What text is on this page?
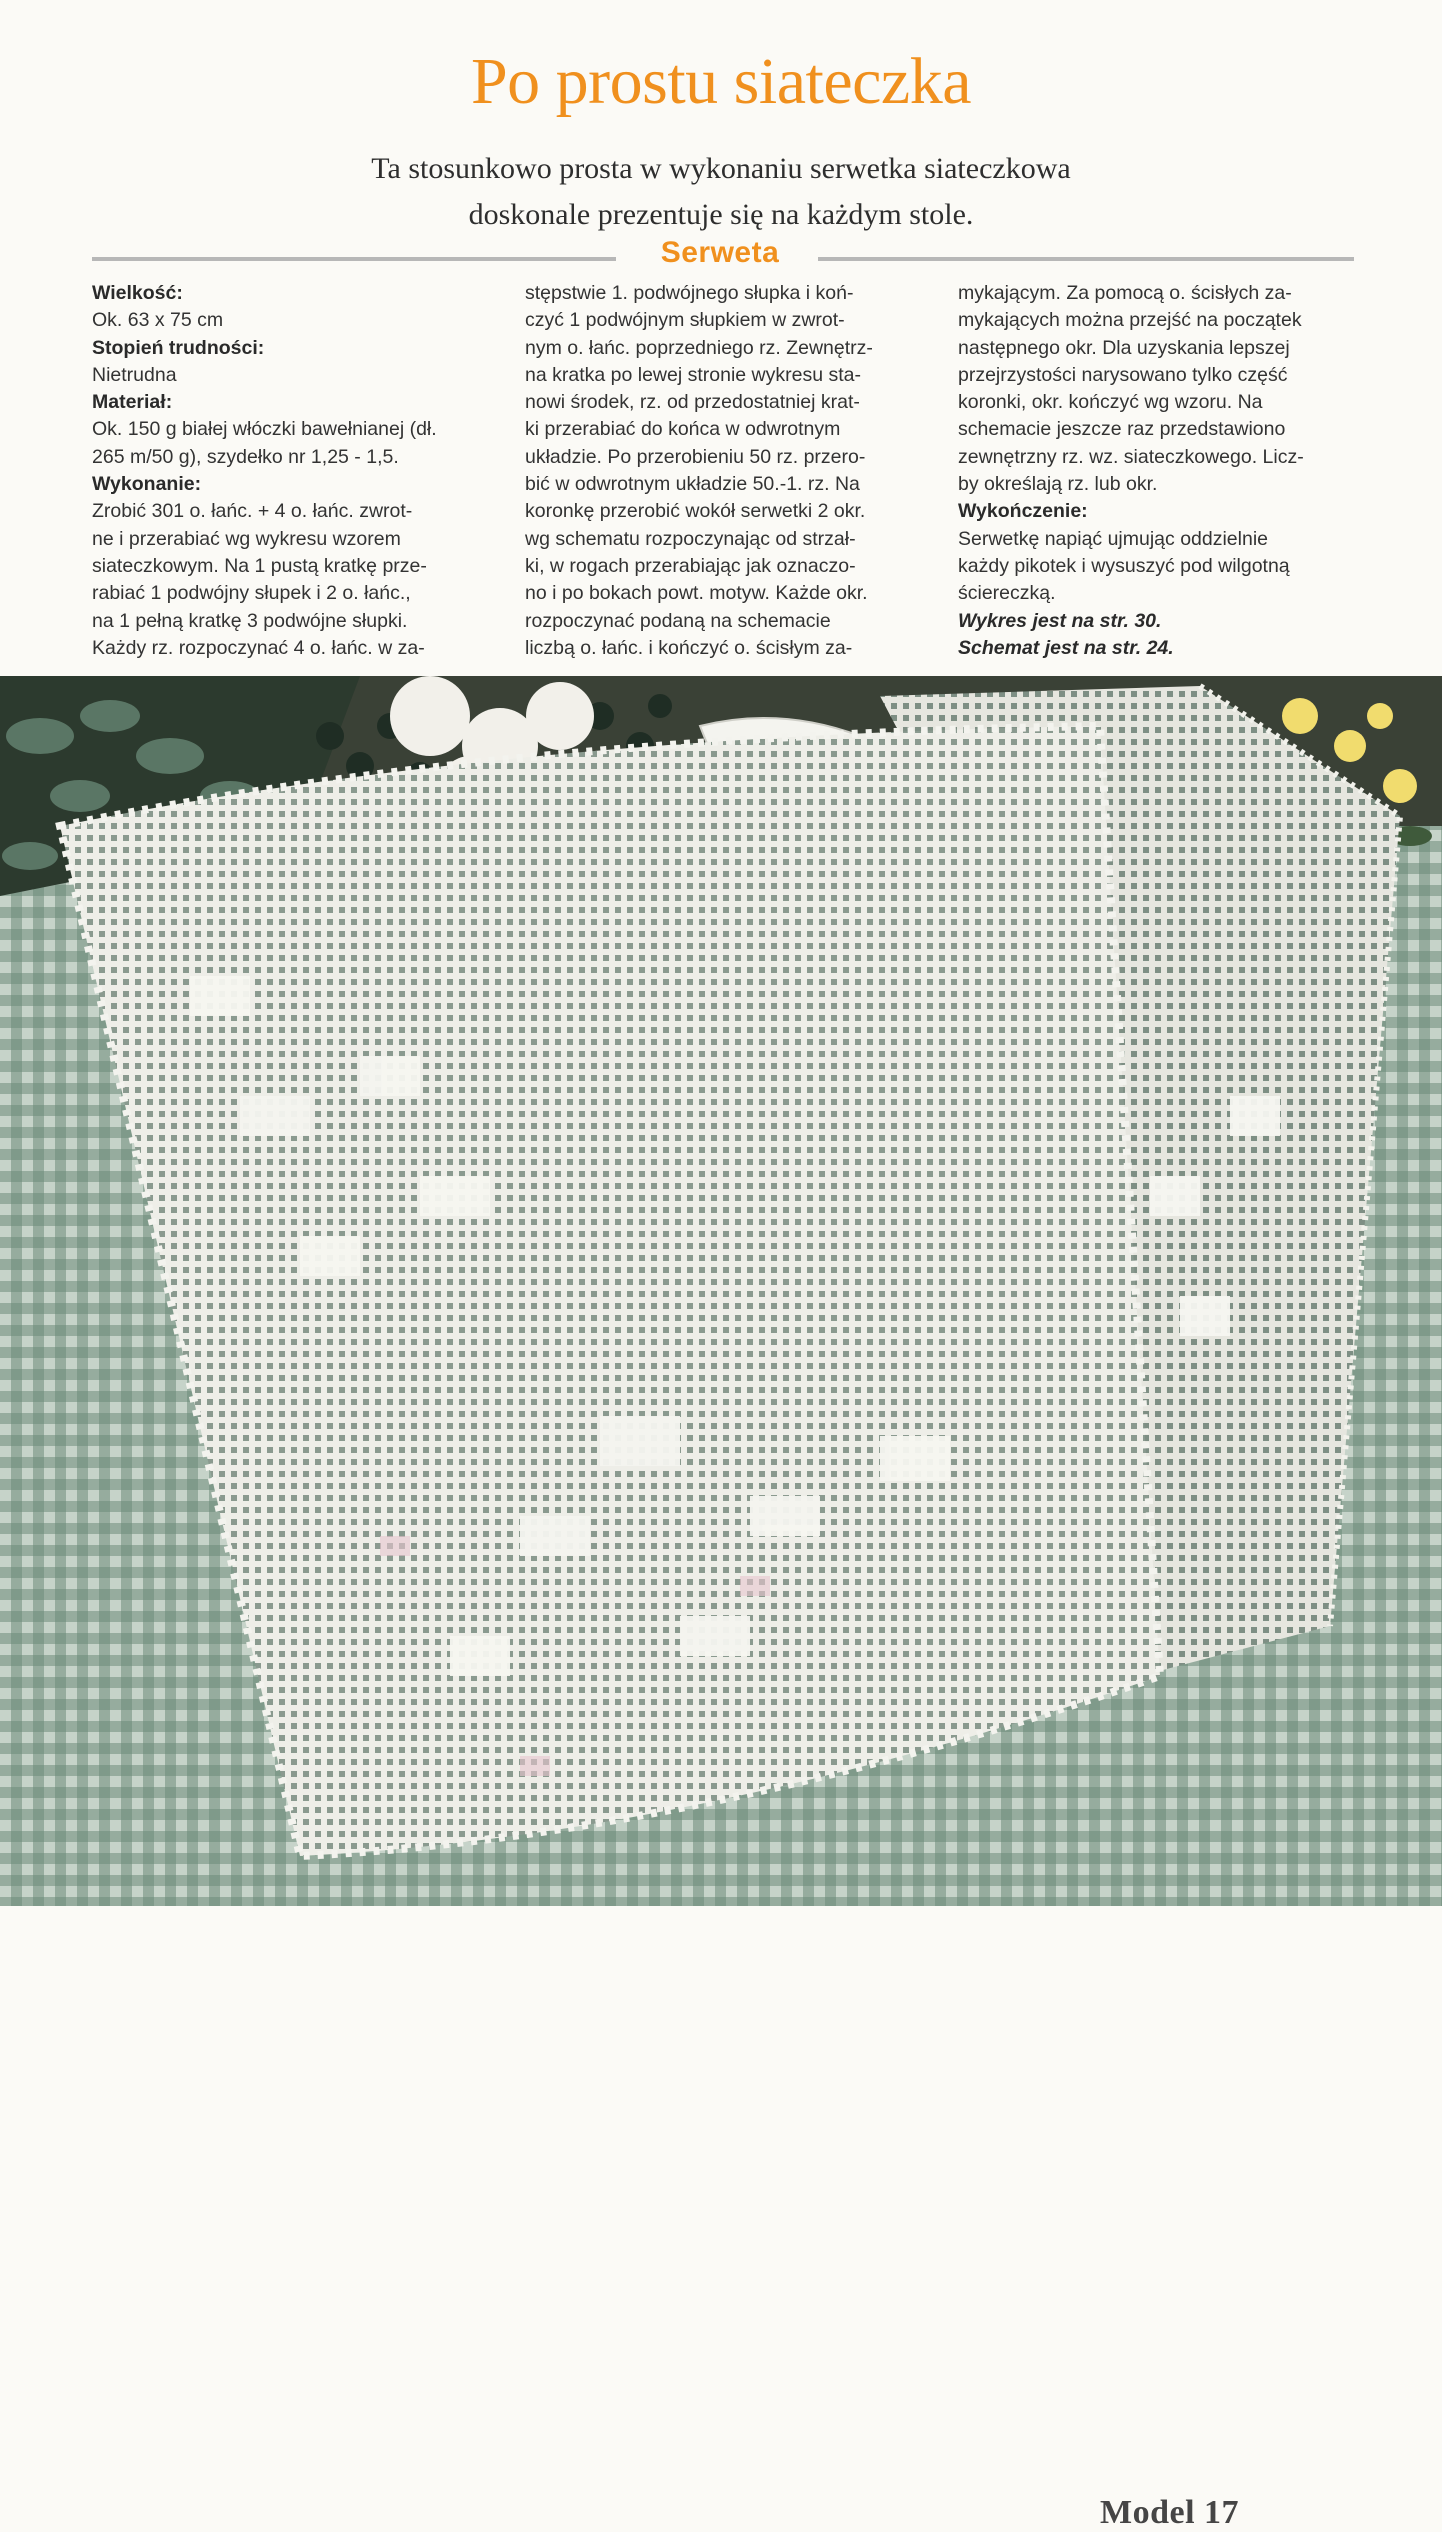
Po prostu siateczka
Ta stosunkowo prosta w wykonaniu serwetka siateczkowa
doskonale prezentuje się na każdym stole.
Serweta

Wielkość:

Ok. 63 x 75 cm

Stopień trudności:

Nietrudna

Materiał:

Ok. 150 g białej włóczki bawełnianej (dł.

265 m/50 g), szydełko nr 1,25 - 1,5.

Wykonanie:

Zrobić 301 o. łańc. + 4 o. łańc. zwrot-

ne i przerabiać wg wykresu wzorem

siateczkowym. Na 1 pustą kratkę prze-

rabiać 1 podwójny słupek i 2 o. łańc.,

na 1 pełną kratkę 3 podwójne słupki.

Każdy rz. rozpoczynać 4 o. łańc. w za-

stępstwie 1. podwójnego słupka i koń-

czyć 1 podwójnym słupkiem w zwrot-

nym o. łańc. poprzedniego rz. Zewnętrz-

na kratka po lewej stronie wykresu sta-

nowi środek, rz. od przedostatniej krat-

ki przerabiać do końca w odwrotnym

układzie. Po przerobieniu 50 rz. przero-

bić w odwrotnym układzie 50.-1. rz. Na

koronkę przerobić wokół serwetki 2 okr.

wg schematu rozpoczynając od strzał-

ki, w rogach przerabiając jak oznaczo-

no i po bokach powt. motyw. Każde okr.

rozpoczynać podaną na schemacie

liczbą o. łańc. i kończyć o. ścisłym za-

mykającym. Za pomocą o. ścisłych za-

mykających można przejść na początek

następnego okr. Dla uzyskania lepszej

przejrzystości narysowano tylko część

koronki, okr. kończyć wg wzoru. Na

schemacie jeszcze raz przedstawiono

zewnętrzny rz. wz. siateczkowego. Licz-

by określają rz. lub okr.

Wykończenie:

Serwetkę napiąć ujmując oddzielnie

każdy pikotek i wysuszyć pod wilgotną

ściereczką.

Wykres jest na str. 30.

Schemat jest na str. 24.

Model 17
